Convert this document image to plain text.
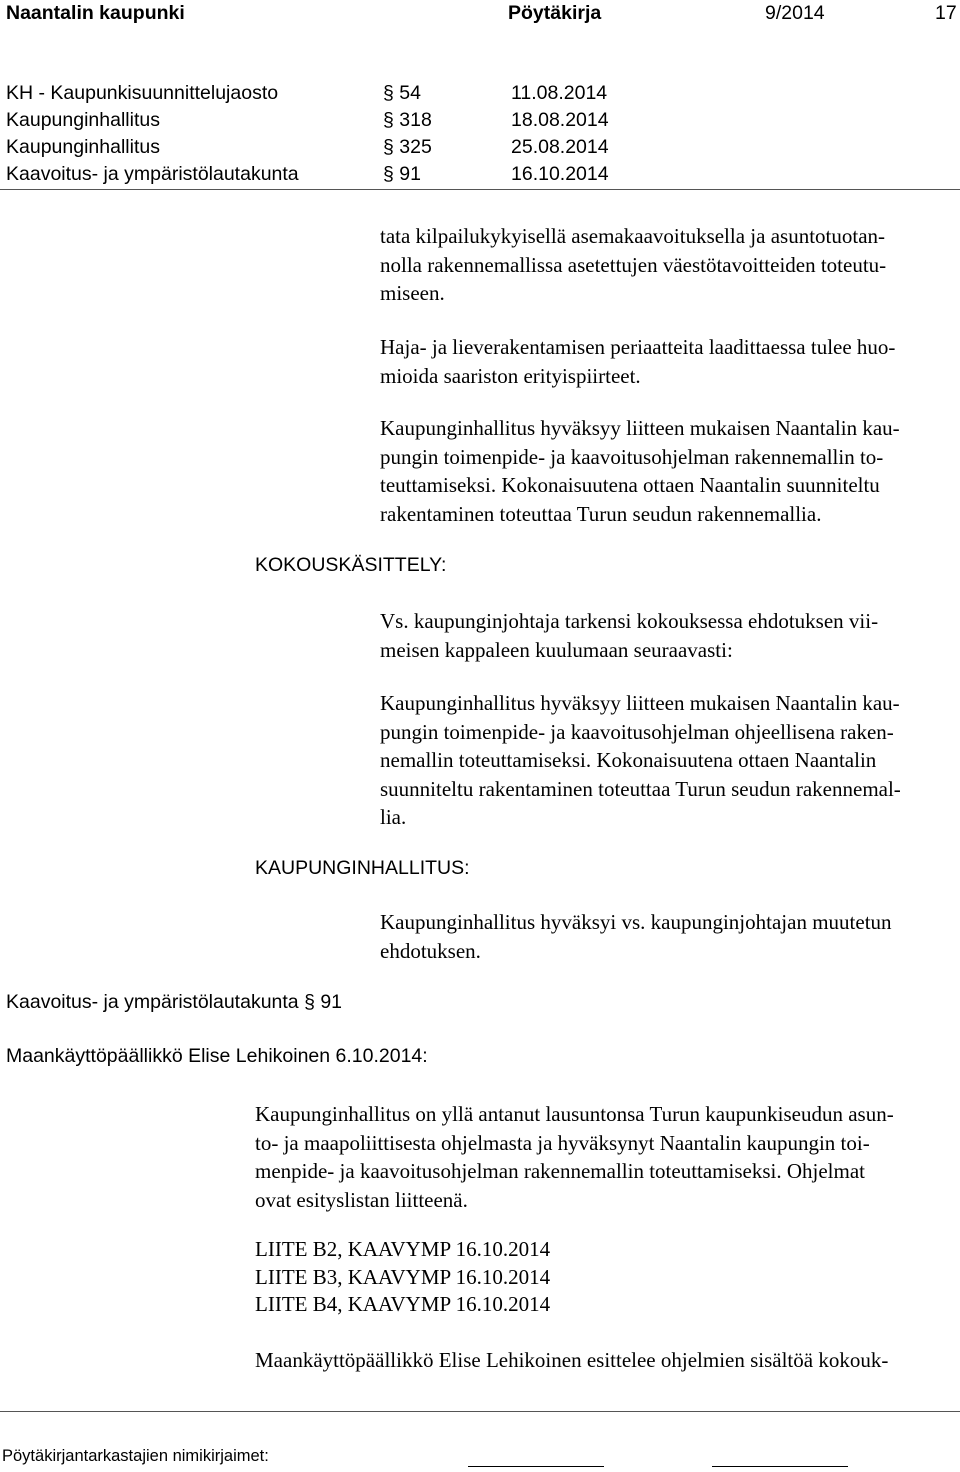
Naantalin kaupunki	Pöytäkirja	9/2014	17
KH - Kaupunkisuunnittelujaosto	§ 54	11.08.2014
Kaupunginhallitus	§ 318	18.08.2014
Kaupunginhallitus	§ 325	25.08.2014
Kaavoitus- ja ympäristölautakunta	§ 91	16.10.2014
tata kilpailukykyisellä asemakaavoituksella ja asuntotuotan-
nolla rakennemallissa asetettujen väestötavoitteiden toteutu-
miseen.
Haja- ja lieverakentamisen periaatteita laadittaessa tulee huo-
mioida saariston erityispiirteet.
Kaupunginhallitus hyväksyy liitteen mukaisen Naantalin kau-
pungin toimenpide- ja kaavoitusohjelman rakennemallin to-
teuttamiseksi. Kokonaisuutena ottaen Naantalin suunniteltu
rakentaminen toteuttaa Turun seudun rakennemallia.
KOKOUSKÄSITTELY:
Vs. kaupunginjohtaja tarkensi kokouksessa ehdotuksen vii-
meisen kappaleen kuulumaan seuraavasti:
Kaupunginhallitus hyväksyy liitteen mukaisen Naantalin kau-
pungin toimenpide- ja kaavoitusohjelman ohjeellisena raken-
nemallin toteuttamiseksi. Kokonaisuutena ottaen Naantalin
suunniteltu rakentaminen toteuttaa Turun seudun rakennemal-
lia.
KAUPUNGINHALLITUS:
Kaupunginhallitus hyväksyi vs. kaupunginjohtajan muutetun
ehdotuksen.
Kaavoitus- ja ympäristölautakunta § 91
Maankäyttöpäällikkö Elise Lehikoinen 6.10.2014:
Kaupunginhallitus on yllä antanut lausuntonsa Turun kaupunkiseudun asun-
to- ja maapoliittisesta ohjelmasta ja hyväksynyt Naantalin kaupungin toi-
menpide- ja kaavoitusohjelman rakennemallin toteuttamiseksi. Ohjelmat
ovat esityslistan liitteenä.
LIITE B2, KAAVYMP 16.10.2014
LIITE B3, KAAVYMP 16.10.2014
LIITE B4, KAAVYMP 16.10.2014
Maankäyttöpäällikkö Elise Lehikoinen esittelee ohjelmien sisältöä kokouk-
Pöytäkirjantarkastajien nimikirjaimet:
